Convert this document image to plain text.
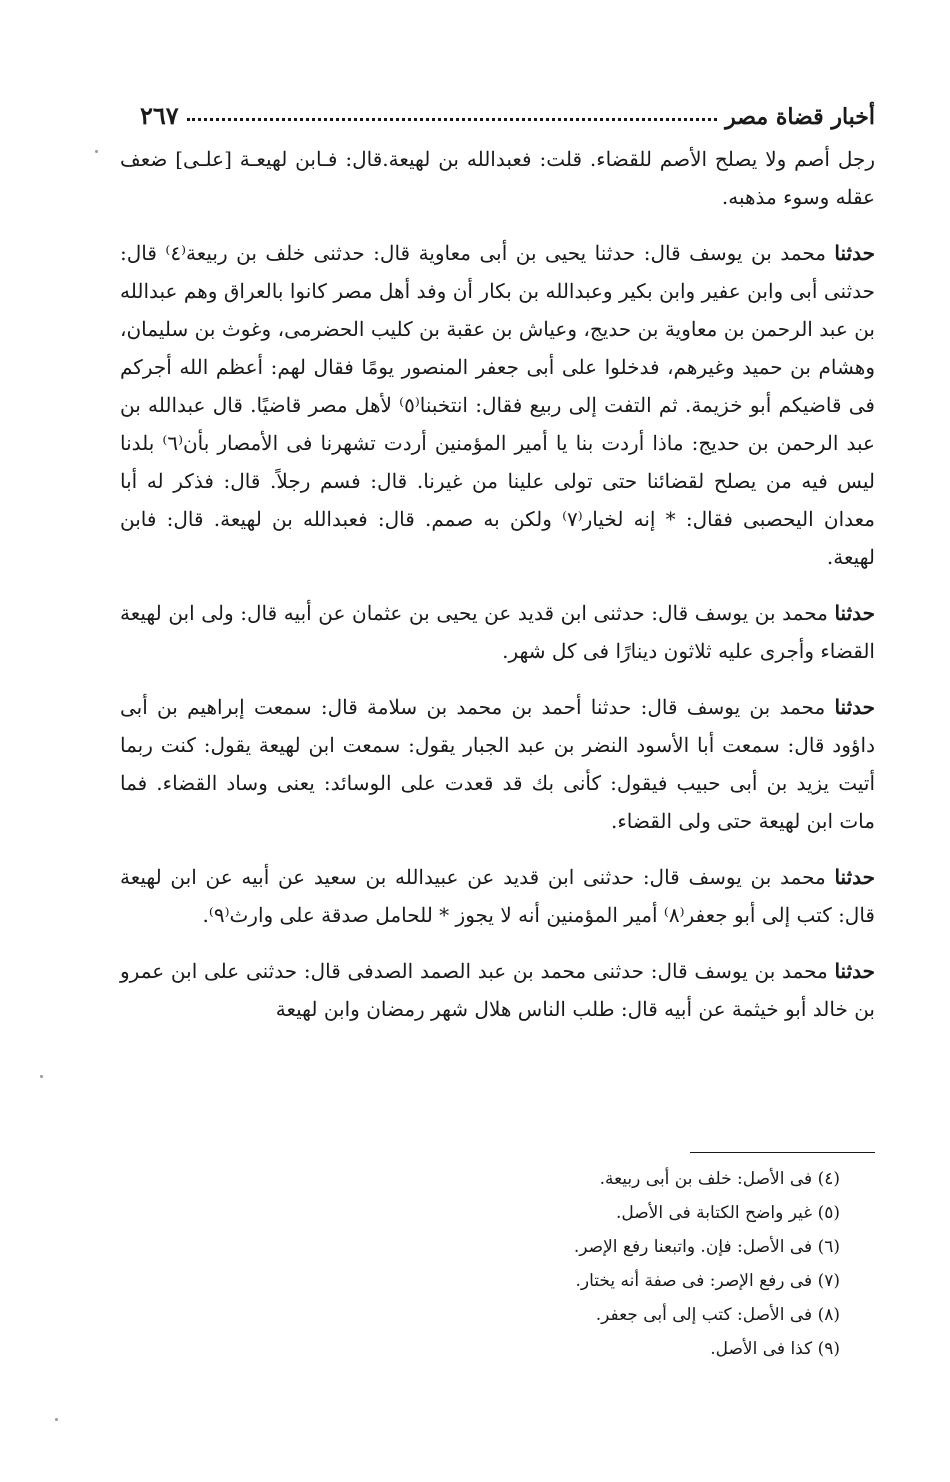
أخبار قضاة مصر
٢٦٧

رجل أصم ولا يصلح الأصم للقضاء. قلت: فعبدالله بن لهيعة.قال: فـابن لهيعـة [علـى] ضعف عقله وسوء مذهبه.

حدثنا محمد بن يوسف قال: حدثنا يحيى بن أبى معاوية قال: حدثنى خلف بن ربيعة⁽٤⁾ قال: حدثنى أبى وابن عفير وابن بكير وعبدالله بن بكار أن وفد أهل مصر كانوا بالعراق وهم عبدالله بن عبد الرحمن بن معاوية بن حديج، وعياش بن عقبة بن كليب الحضرمى، وغوث بن سليمان، وهشام بن حميد وغيرهم، فدخلوا على أبى جعفر المنصور يومًا فقال لهم: أعظم الله أجركم فى قاضيكم أبو خزيمة. ثم التفت إلى ربيع فقال: انتخبنا⁽٥⁾ لأهل مصر قاضيًا. قال عبدالله بن عبد الرحمن بن حديج: ماذا أردت بنا يا أمير المؤمنين أردت تشهرنا فى الأمصار بأن⁽٦⁾ بلدنا ليس فيه من يصلح لقضائنا حتى تولى علينا من غيرنا. قال: فسم رجلاً. قال: فذكر له أبا معدان اليحصبى فقال: * إنه لخيار⁽٧⁾ ولكن به صمم. قال: فعبدالله بن لهيعة. قال: فابن لهيعة.

حدثنا محمد بن يوسف قال: حدثنى ابن قديد عن يحيى بن عثمان عن أبيه قال: ولى ابن لهيعة القضاء وأجرى عليه ثلاثون دينارًا فى كل شهر.

حدثنا محمد بن يوسف قال: حدثنا أحمد بن محمد بن سلامة قال: سمعت إبراهيم بن أبى داؤود قال: سمعت أبا الأسود النضر بن عبد الجبار يقول: سمعت ابن لهيعة يقول: كنت ربما أتيت يزيد بن أبى حبيب فيقول: كأنى بك قد قعدت على الوسائد: يعنى وساد القضاء. فما مات ابن لهيعة حتى ولى القضاء.

حدثنا محمد بن يوسف قال: حدثنى ابن قديد عن عبيدالله بن سعيد عن أبيه عن ابن لهيعة قال: كتب إلى أبو جعفر⁽٨⁾ أمير المؤمنين أنه لا يجوز * للحامل صدقة على وارث⁽٩⁾.

حدثنا محمد بن يوسف قال: حدثنى محمد بن عبد الصمد الصدفى قال: حدثنى على ابن عمرو بن خالد أبو خيثمة عن أبيه قال: طلب الناس هلال شهر رمضان وابن لهيعة

(٤) فى الأصل: خلف بن أبى ربيعة.
(٥) غير واضح الكتابة فى الأصل.
(٦) فى الأصل: فإن. واتبعنا رفع الإصر.
(٧) فى رفع الإصر: فى صفة أنه يختار.
(٨) فى الأصل: كتب إلى أبى جعفر.
(٩) كذا فى الأصل.
